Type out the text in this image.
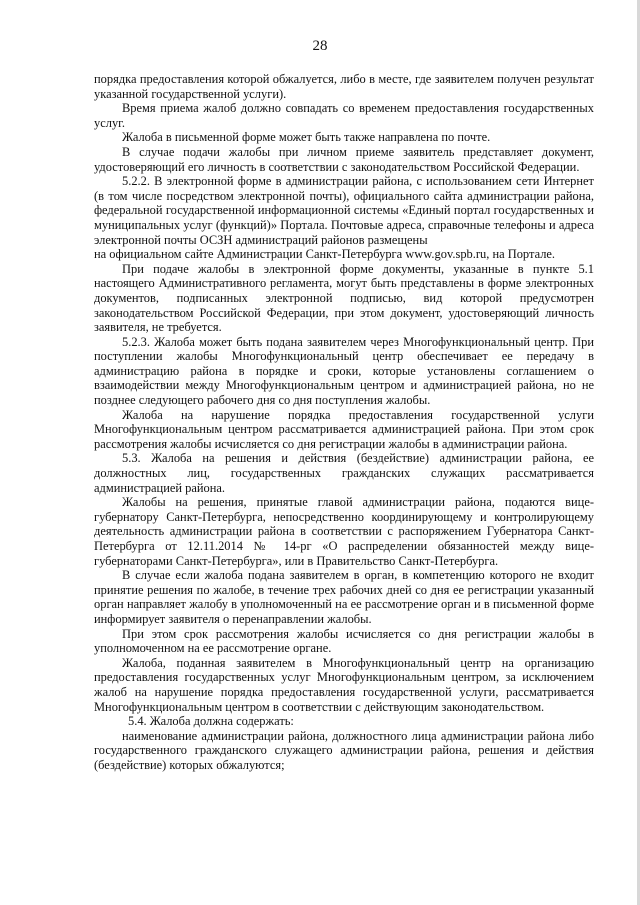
28

порядка предоставления которой обжалуется, либо в месте, где заявителем получен результат указанной государственной услуги).

Время приема жалоб должно совпадать со временем предоставления государственных услуг.

Жалоба в письменной форме может быть также направлена по почте.

В случае подачи жалобы при личном приеме заявитель представляет документ, удостоверяющий его личность в соответствии с законодательством Российской Федерации.

5.2.2. В электронной форме в администрации района, с использованием сети Интернет (в том числе посредством электронной почты), официального сайта администрации района, федеральной государственной информационной системы «Единый портал государственных и муниципальных услуг (функций)» Портала. Почтовые адреса, справочные телефоны и адреса электронной почты ОСЗН администраций районов размещены

на официальном сайте Администрации Санкт-Петербурга www.gov.spb.ru, на Портале.

При подаче жалобы в электронной форме документы, указанные в пункте 5.1 настоящего Административного регламента, могут быть представлены в форме электронных документов, подписанных электронной подписью, вид которой предусмотрен законодательством Российской Федерации, при этом документ, удостоверяющий личность заявителя, не требуется.

5.2.3. Жалоба может быть подана заявителем через Многофункциональный центр. При поступлении жалобы Многофункциональный центр обеспечивает ее передачу в администрацию района в порядке и сроки, которые установлены соглашением о взаимодействии между Многофункциональным центром и администрацией района, но не позднее следующего рабочего дня со дня поступления жалобы.

Жалоба на нарушение порядка предоставления государственной услуги Многофункциональным центром рассматривается администрацией района. При этом срок рассмотрения жалобы исчисляется со дня регистрации жалобы в администрации района.

5.3. Жалоба на решения и действия (бездействие) администрации района, ее должностных лиц, государственных гражданских служащих рассматривается администрацией района.

Жалобы на решения, принятые главой администрации района, подаются вице-губернатору Санкт-Петербурга, непосредственно координирующему и контролирующему деятельность администрации района в соответствии с распоряжением Губернатора Санкт-Петербурга от 12.11.2014 № 14-рг «О распределении обязанностей между вице-губернаторами Санкт-Петербурга», или в Правительство Санкт-Петербурга.

В случае если жалоба подана заявителем в орган, в компетенцию которого не входит принятие решения по жалобе, в течение трех рабочих дней со дня ее регистрации указанный орган направляет жалобу в уполномоченный на ее рассмотрение орган и в письменной форме информирует заявителя о перенаправлении жалобы.

При этом срок рассмотрения жалобы исчисляется со дня регистрации жалобы в уполномоченном на ее рассмотрение органе.

Жалоба, поданная заявителем в Многофункциональный центр на организацию предоставления государственных услуг Многофункциональным центром, за исключением жалоб на нарушение порядка предоставления государственной услуги, рассматривается Многофункциональным центром в соответствии с действующим законодательством.

5.4. Жалоба должна содержать:

наименование администрации района, должностного лица администрации района либо государственного гражданского служащего администрации района, решения и действия (бездействие) которых обжалуются;
